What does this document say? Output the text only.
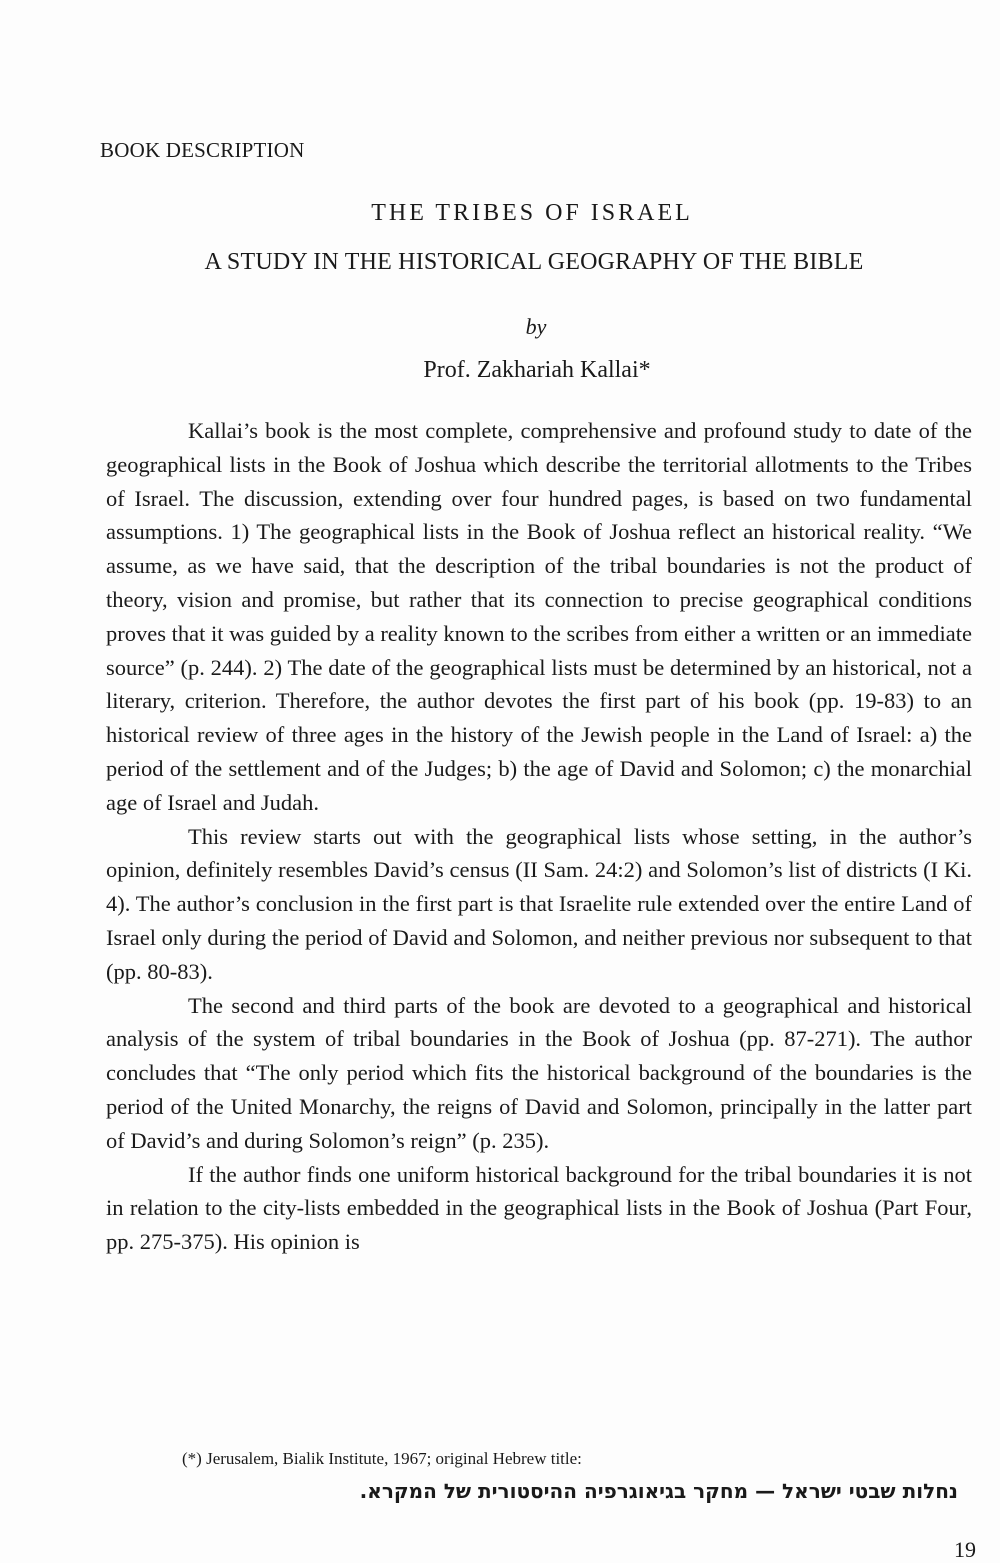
BOOK DESCRIPTION
THE TRIBES OF ISRAEL
A STUDY IN THE HISTORICAL GEOGRAPHY OF THE BIBLE
by
Prof. Zakhariah Kallai*

Kallai’s book is the most complete, comprehensive and profound study to date of the geographical lists in the Book of Joshua which describe the territorial allotments to the Tribes of Israel. The discussion, extending over four hundred pages, is based on two fundamental assumptions. 1) The geographical lists in the Book of Joshua reflect an historical reality. “We assume, as we have said, that the description of the tribal boundaries is not the product of theory, vision and promise, but rather that its connection to precise geographical conditions proves that it was guided by a reality known to the scribes from either a written or an immediate source” (p. 244). 2) The date of the geographical lists must be determined by an historical, not a literary, criterion. Therefore, the author devotes the first part of his book (pp. 19-83) to an historical review of three ages in the history of the Jewish people in the Land of Israel: a) the period of the settlement and of the Judges; b) the age of David and Solomon; c) the monarchial age of Israel and Judah.

This review starts out with the geographical lists whose setting, in the author’s opinion, definitely resembles David’s census (II Sam. 24:2) and Solomon’s list of districts (I Ki. 4). The author’s conclusion in the first part is that Israelite rule extended over the entire Land of Israel only during the period of David and Solomon, and neither previous nor subsequent to that (pp. 80-83).

The second and third parts of the book are devoted to a geographical and historical analysis of the system of tribal boundaries in the Book of Joshua (pp. 87-271). The author concludes that “The only period which fits the historical background of the boundaries is the period of the United Monarchy, the reigns of David and Solomon, principally in the latter part of David’s and during Solomon’s reign” (p. 235).

If the author finds one uniform historical background for the tribal boundaries it is not in relation to the city-lists embedded in the geographical lists in the Book of Joshua (Part Four, pp. 275-375). His opinion is

(*) Jerusalem, Bialik Institute, 1967; original Hebrew title:
נחלות שבטי ישראל — מחקר בגיאוגרפיה ההיסטורית של המקרא.
19
